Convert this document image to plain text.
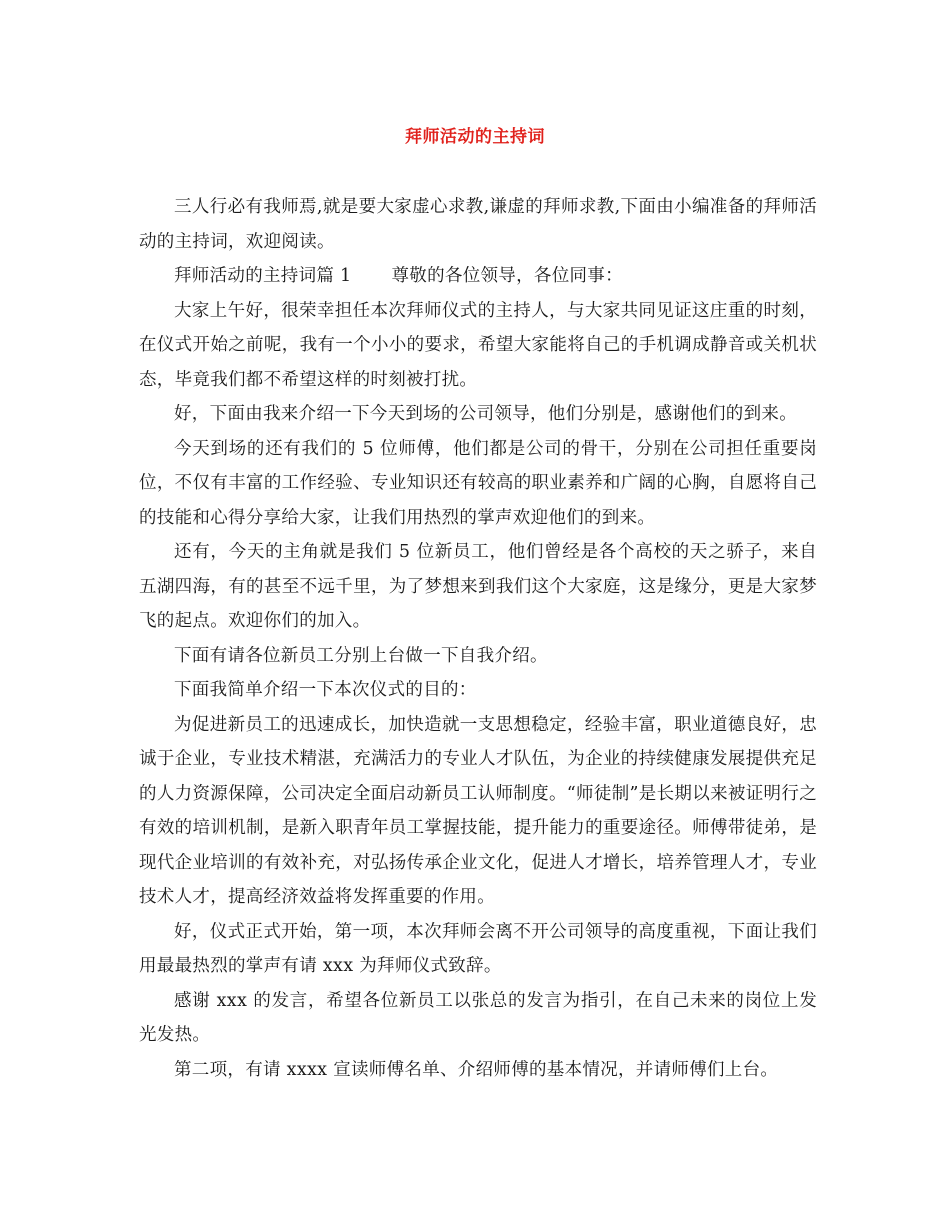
拜师活动的主持词

三人行必有我师焉,就是要大家虚心求教,谦虚的拜师求教,下面由小编准备的拜师活动的主持词，欢迎阅读。

拜师活动的主持词篇 1 尊敬的各位领导，各位同事：

大家上午好，很荣幸担任本次拜师仪式的主持人，与大家共同见证这庄重的时刻，在仪式开始之前呢，我有一个小小的要求，希望大家能将自己的手机调成静音或关机状态，毕竟我们都不希望这样的时刻被打扰。

好，下面由我来介绍一下今天到场的公司领导，他们分别是，感谢他们的到来。

今天到场的还有我们的 5 位师傅，他们都是公司的骨干，分别在公司担任重要岗位，不仅有丰富的工作经验、专业知识还有较高的职业素养和广阔的心胸，自愿将自己的技能和心得分享给大家，让我们用热烈的掌声欢迎他们的到来。

还有，今天的主角就是我们 5 位新员工，他们曾经是各个高校的天之骄子，来自五湖四海，有的甚至不远千里，为了梦想来到我们这个大家庭，这是缘分，更是大家梦飞的起点。欢迎你们的加入。

下面有请各位新员工分别上台做一下自我介绍。

下面我简单介绍一下本次仪式的目的：

为促进新员工的迅速成长，加快造就一支思想稳定，经验丰富，职业道德良好，忠诚于企业，专业技术精湛，充满活力的专业人才队伍，为企业的持续健康发展提供充足的人力资源保障，公司决定全面启动新员工认师制度。“师徒制”是长期以来被证明行之有效的培训机制，是新入职青年员工掌握技能，提升能力的重要途径。师傅带徒弟，是现代企业培训的有效补充，对弘扬传承企业文化，促进人才增长，培养管理人才，专业技术人才，提高经济效益将发挥重要的作用。

好，仪式正式开始，第一项，本次拜师会离不开公司领导的高度重视，下面让我们用最最热烈的掌声有请 xxx 为拜师仪式致辞。

感谢 xxx 的发言，希望各位新员工以张总的发言为指引，在自己未来的岗位上发光发热。

第二项，有请 xxxx 宣读师傅名单、介绍师傅的基本情况，并请师傅们上台。
